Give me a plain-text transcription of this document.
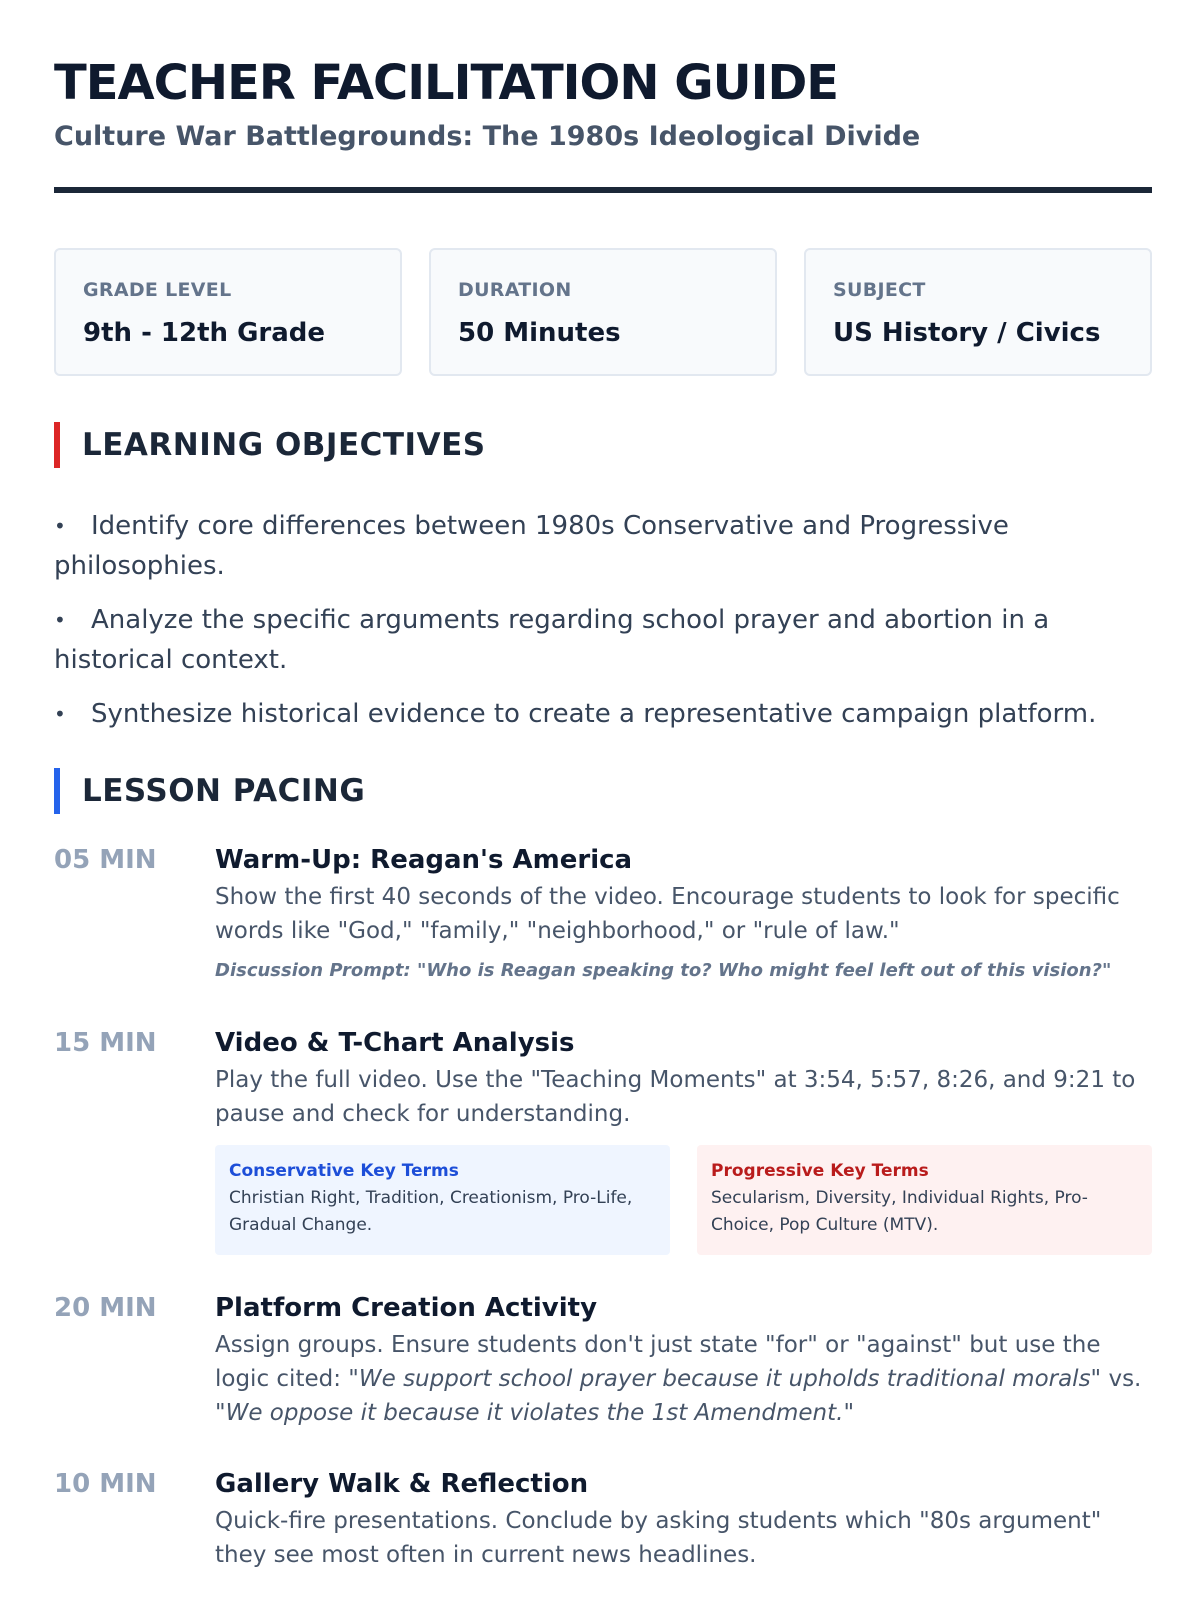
TEACHER FACILITATION GUIDE
Culture War Battlegrounds: The 1980s Ideological Divide
GRADE LEVEL
9th - 12th Grade
DURATION
50 Minutes
SUBJECT
US History / Civics
LEARNING OBJECTIVES
• Identify core differences between 1980s Conservative and Progressive philosophies.
• Analyze the specific arguments regarding school prayer and abortion in a historical context.
• Synthesize historical evidence to create a representative campaign platform.
LESSON PACING
05 MIN Warm-Up: Reagan's America
Show the first 40 seconds of the video. Encourage students to look for specific words like "God," "family," "neighborhood," or "rule of law."
Discussion Prompt: "Who is Reagan speaking to? Who might feel left out of this vision?"
15 MIN Video & T-Chart Analysis
Play the full video. Use the "Teaching Moments" at 3:54, 5:57, 8:26, and 9:21 to pause and check for understanding.
Conservative Key Terms
Christian Right, Tradition, Creationism, Pro-Life, Gradual Change.
Progressive Key Terms
Secularism, Diversity, Individual Rights, Pro-Choice, Pop Culture (MTV).
20 MIN Platform Creation Activity
Assign groups. Ensure students don't just state "for" or "against" but use the logic cited: "We support school prayer because it upholds traditional morals" vs. "We oppose it because it violates the 1st Amendment."
10 MIN Gallery Walk & Reflection
Quick-fire presentations. Conclude by asking students which "80s argument" they see most often in current news headlines.
